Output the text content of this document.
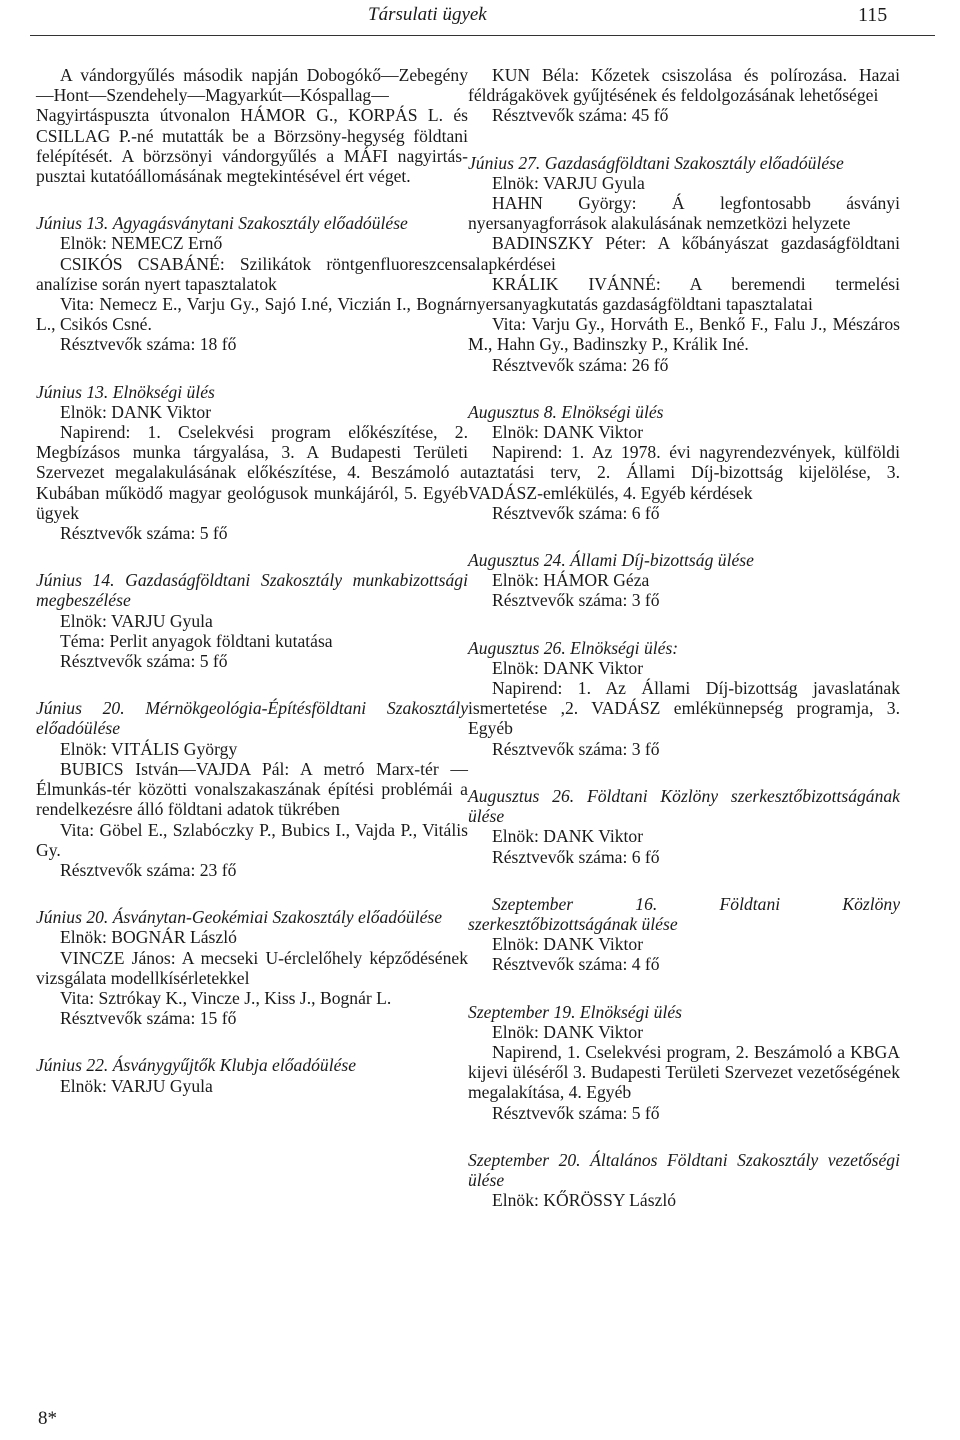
Társulati ügyek	115

A vándorgyűlés második napján Dobogókő—Zebegény—Hont—Szendehely—Magyarkút—Kóspallag—Nagyirtáspuszta útvonalon HÁMOR G., KORPÁS L. és CSILLAG P.-né mutatták be a Börzsöny-hegység földtani felépítését. A börzsönyi vándorgyűlés a MÁFI nagyirtás-pusztai kutatóállomásának megtekintésével ért véget.

Június 13. Agyagásványtani Szakosztály előadóülése

Elnök: NEMECZ Ernő

CSIKÓS CSABÁNÉ: Szilikátok röntgenfluoreszcens analízise során nyert tapasztalatok

Vita: Nemecz E., Varju Gy., Sajó I.né, Viczián I., Bognár L., Csikós Csné.

Résztvevők száma: 18 fő

Június 13. Elnökségi ülés

Elnök: DANK Viktor

Napirend: 1. Cselekvési program előkészítése, 2. Megbízásos munka tárgyalása, 3. A Budapesti Területi Szervezet megalakulásának előkészítése, 4. Beszámoló a Kubában működő magyar geológusok munkájáról, 5. Egyéb ügyek

Résztvevők száma: 5 fő

Június 14. Gazdaságföldtani Szakosztály munkabizottsági megbeszélése

Elnök: VARJU Gyula

Téma: Perlit anyagok földtani kutatása

Résztvevők száma: 5 fő

Június 20. Mérnökgeológia-Építésföldtani Szakosztály előadóülése

Elnök: VITÁLIS György

BUBICS István—VAJDA Pál: A metró Marx-tér — Élmunkás-tér közötti vonalszakaszának építési problémái a rendelkezésre álló földtani adatok tükrében

Vita: Göbel E., Szlabóczky P., Bubics I., Vajda P., Vitális Gy.

Résztvevők száma: 23 fő

Június 20. Ásványtan-Geokémiai Szakosztály előadóülése

Elnök: BOGNÁR László

VINCZE János: A mecseki U-érclelőhely képződésének vizsgálata modellkísérletekkel

Vita: Sztrókay K., Vincze J., Kiss J., Bognár L.

Résztvevők száma: 15 fő

Június 22. Ásványgyűjtők Klubja előadóülése

Elnök: VARJU Gyula

KUN Béla: Kőzetek csiszolása és polírozása. Hazai féldrágakövek gyűjtésének és feldolgozásának lehetőségei

Résztvevők száma: 45 fő

Június 27. Gazdaságföldtani Szakosztály előadóülése

Elnök: VARJU Gyula

HAHN György: Á legfontosabb ásványi nyersanyagforrások alakulásának nemzetközi helyzete

BADINSZKY Péter: A kőbányászat gazdaságföldtani alapkérdései

KRÁLIK IVÁNNÉ: A beremendi termelési nyersanyagkutatás gazdaságföldtani tapasztalatai

Vita: Varju Gy., Horváth E., Benkő F., Falu J., Mészáros M., Hahn Gy., Badinszky P., Králik Iné.

Résztvevők száma: 26 fő

Augusztus 8. Elnökségi ülés

Elnök: DANK Viktor

Napirend: 1. Az 1978. évi nagyrendezvények, külföldi utaztatási terv, 2. Állami Díj-bizottság kijelölése, 3. VADÁSZ-emlékülés, 4. Egyéb kérdések

Résztvevők száma: 6 fő

Augusztus 24. Állami Díj-bizottság ülése

Elnök: HÁMOR Géza

Résztvevők száma: 3 fő

Augusztus 26. Elnökségi ülés:

Elnök: DANK Viktor

Napirend: 1. Az Állami Díj-bizottság javaslatának ismertetése ,2. VADÁSZ emlékünnepség programja, 3. Egyéb

Résztvevők száma: 3 fő

Augusztus 26. Földtani Közlöny szerkesztőbizottságának ülése

Elnök: DANK Viktor

Résztvevők száma: 6 fő

Szeptember 16.	Földtani Közlöny szerkesztőbizottságának ülése

Elnök: DANK Viktor

Résztvevők száma: 4 fő

Szeptember 19. Elnökségi ülés

Elnök: DANK Viktor

Napirend, 1. Cselekvési program, 2. Beszámoló a KBGA kijevi üléséről 3. Budapesti Területi Szervezet vezetőségének megalakítása, 4. Egyéb

Résztvevők száma: 5 fő

Szeptember 20. Általános Földtani Szakosztály vezetőségi ülése

Elnök: KŐRÖSSY László

8*
